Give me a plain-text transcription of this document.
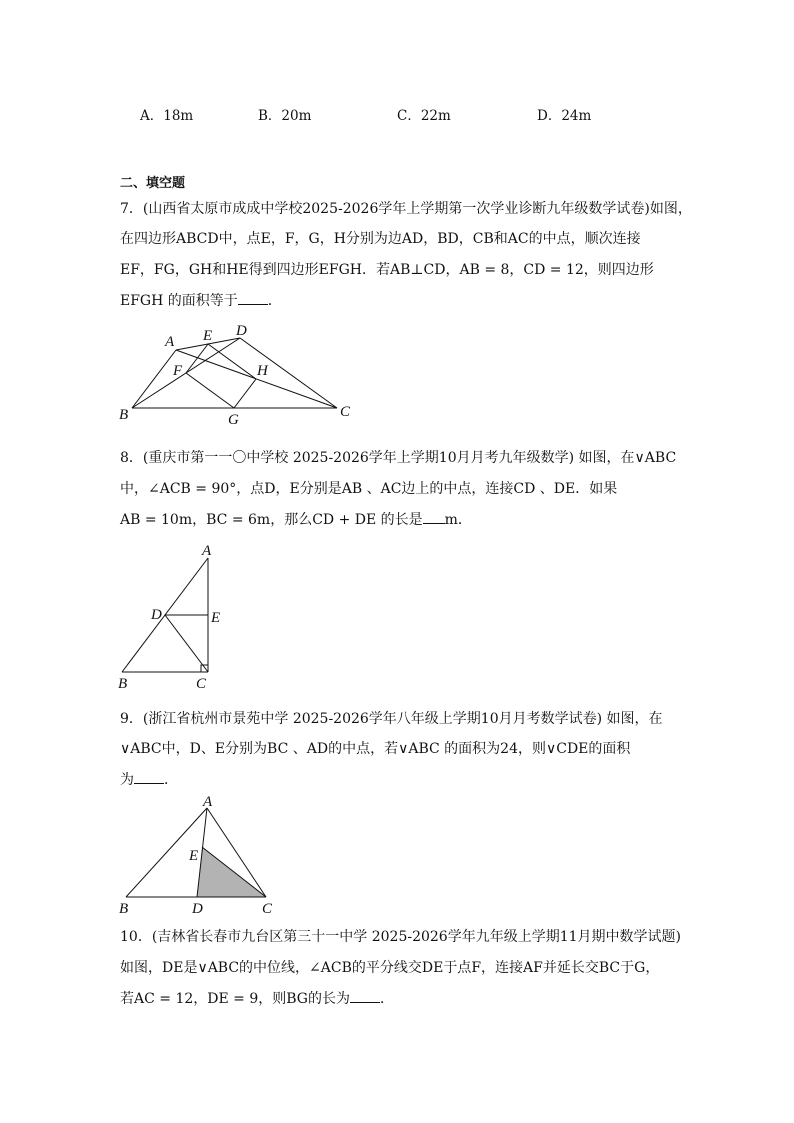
A．18m	B．20m	C．22m	D．24m
二、填空题
7．(山西省太原市成成中学校2025-2026学年上学期第一次学业诊断九年级数学试卷)如图，
在四边形ABCD中，点E，F，G，H分别为边AD，BD，CB和AC的中点，顺次连接
EF，FG，GH和HE得到四边形EFGH．若AB⊥CD，AB = 8，CD = 12，则四边形
EFGH 的面积等于 ．
A E D
F	H
B	G	C
8．(重庆市第一一〇中学校 2025-2026学年上学期10月月考九年级数学) 如图，在∨ABC
中，∠ACB = 90°，点D，E分别是AB 、AC边上的中点，连接CD 、DE．如果
AB = 10m，BC = 6m，那么CD + DE 的长是 m．
A
D	E
B	C
9．(浙江省杭州市景苑中学 2025-2026学年八年级上学期10月月考数学试卷) 如图，在
∨ABC中，D、E分别为BC 、AD的中点，若∨ABC 的面积为24，则∨CDE的面积
为 ．
A
E
B	D	C
10．(吉林省长春市九台区第三十一中学 2025-2026学年九年级上学期11月期中数学试题)
如图，DE是∨ABC的中位线，∠ACB的平分线交DE于点F，连接AF并延长交BC于G，
若AC = 12，DE = 9，则BG的长为 ．
